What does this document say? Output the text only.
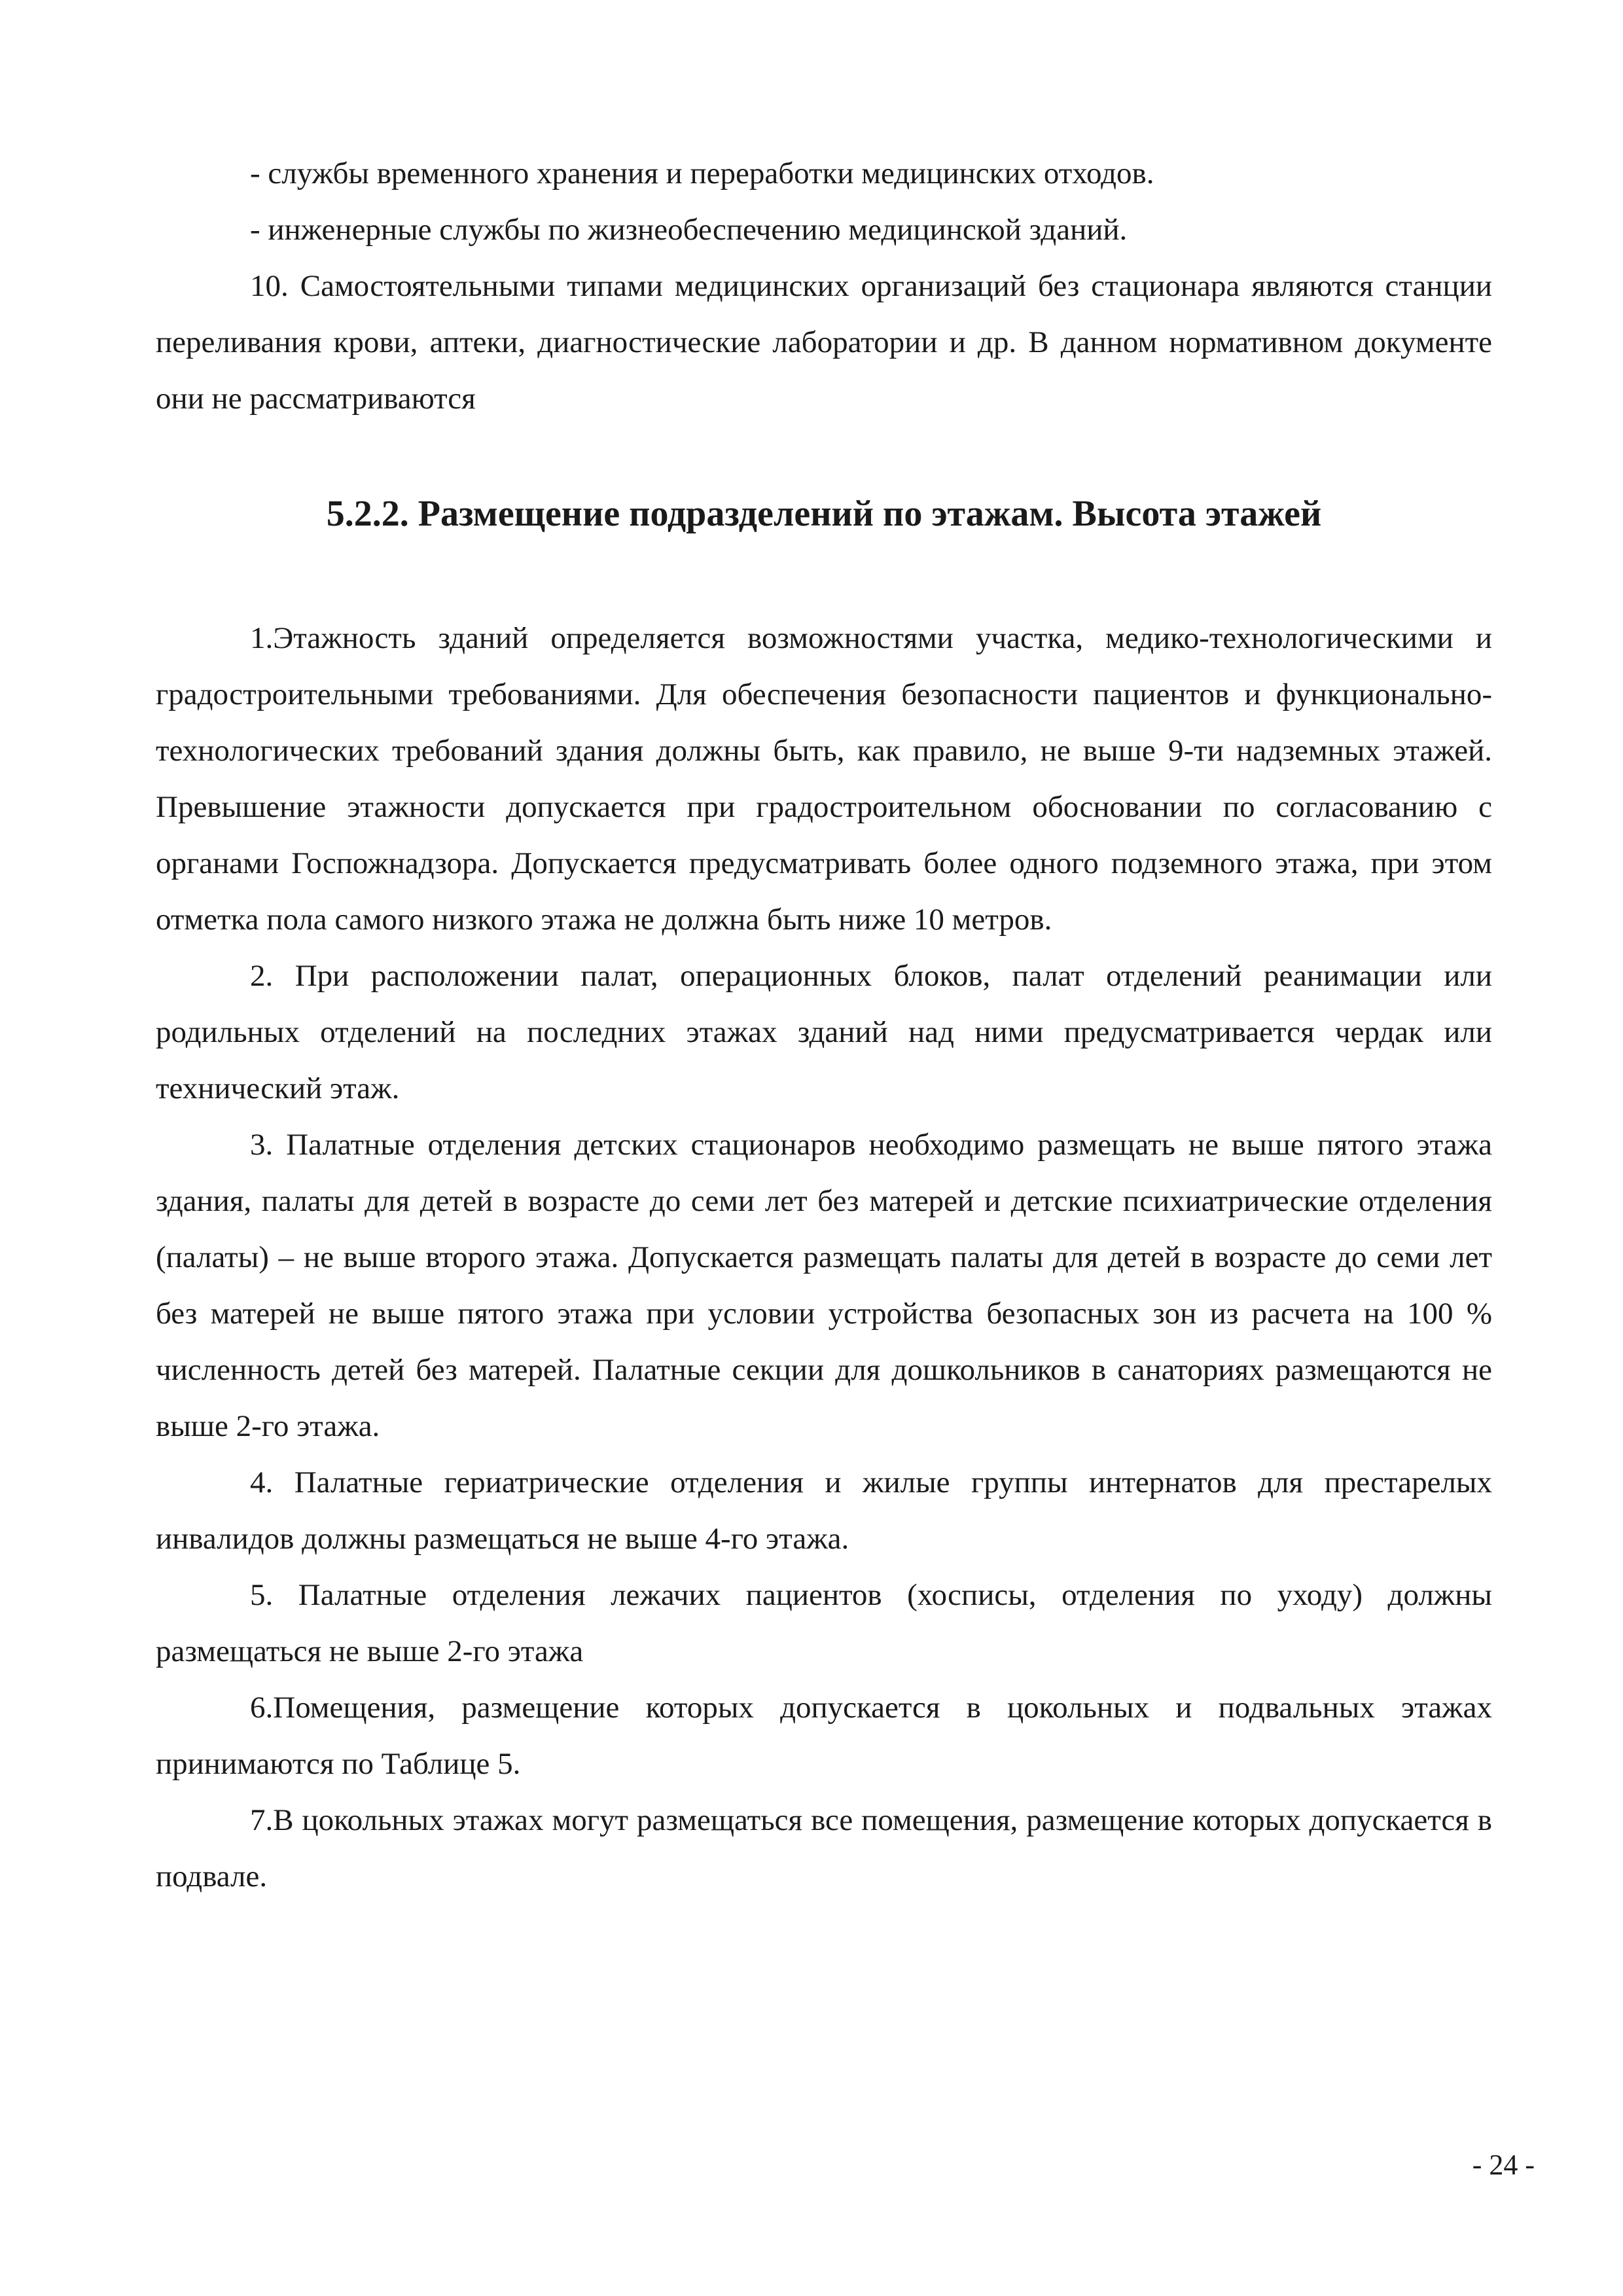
- службы временного хранения и переработки медицинских отходов.

- инженерные службы по жизнеобеспечению медицинской зданий.

10. Самостоятельными типами медицинских организаций без стационара являются станции переливания крови, аптеки, диагностические лаборатории и др. В данном нормативном документе они не рассматриваются

5.2.2. Размещение подразделений по этажам. Высота этажей

1.Этажность зданий определяется возможностями участка, медико-технологическими и градостроительными требованиями. Для обеспечения безопасности пациентов и функционально-технологических требований здания должны быть, как правило, не выше 9-ти надземных этажей. Превышение этажности допускается при градостроительном обосновании по согласованию с органами Госпожнадзора. Допускается предусматривать более одного подземного этажа, при этом отметка пола самого низкого этажа не должна быть ниже 10 метров.

2. При расположении палат, операционных блоков, палат отделений реанимации или родильных отделений на последних этажах зданий над ними предусматривается чердак или технический этаж.

3. Палатные отделения детских стационаров необходимо размещать не выше пятого этажа здания, палаты для детей в возрасте до семи лет без матерей и детские психиатрические отделения (палаты) – не выше второго этажа. Допускается размещать палаты для детей в возрасте до семи лет без матерей не выше пятого этажа при условии устройства безопасных зон из расчета на 100 % численность детей без матерей. Палатные секции для дошкольников в санаториях размещаются не выше 2-го этажа.

4. Палатные гериатрические отделения и жилые группы интернатов для престарелых инвалидов должны размещаться не выше 4-го этажа.

5. Палатные отделения лежачих пациентов (хосписы, отделения по уходу) должны размещаться не выше 2-го этажа

6.Помещения, размещение которых допускается в цокольных и подвальных этажах принимаются по Таблице 5.

7.В цокольных этажах могут размещаться все помещения, размещение которых допускается в подвале.

- 24 -
